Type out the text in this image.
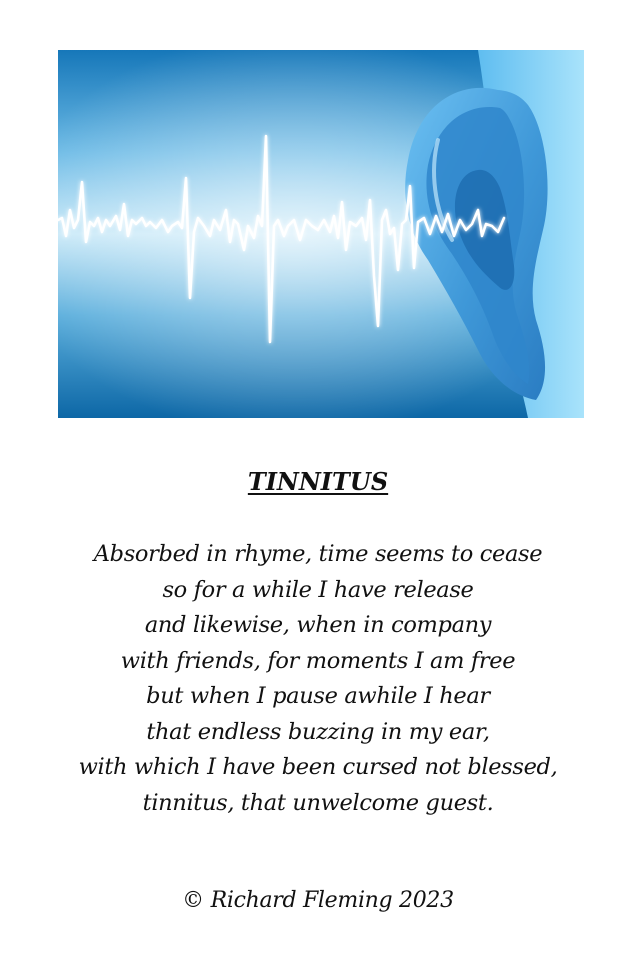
TINNITUS
Absorbed in rhyme, time seems to cease
so for a while I have release
and likewise, when in company
with friends, for moments I am free
but when I pause awhile I hear
that endless buzzing in my ear,
with which I have been cursed not blessed,
tinnitus, that unwelcome guest.
© Richard Fleming 2023
